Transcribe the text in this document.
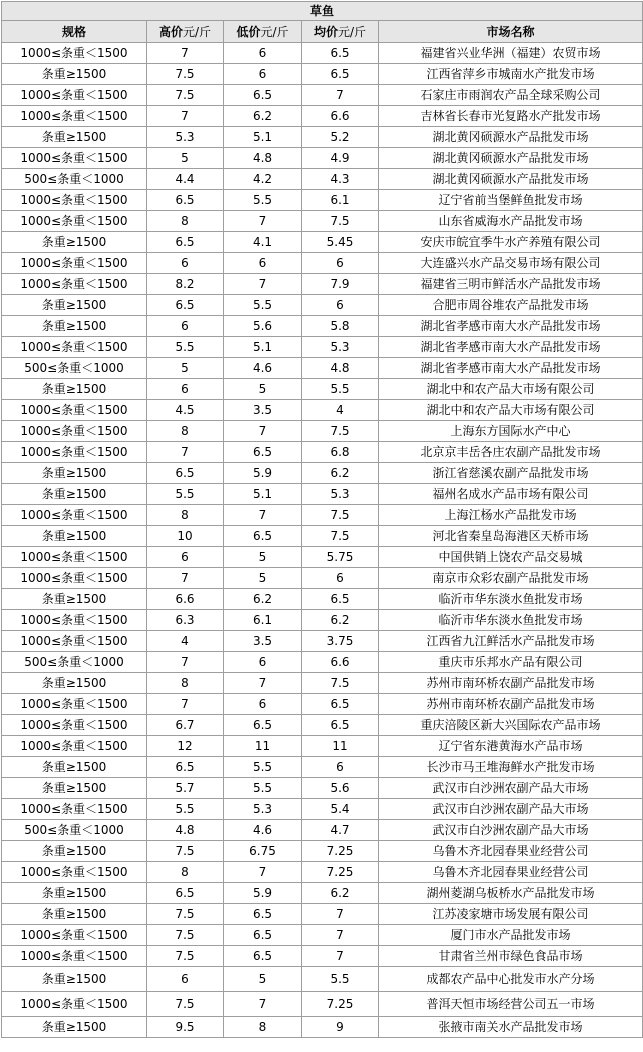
草鱼				
规格	高价元/斤	低价元/斤	均价元/斤	市场名称
1000≤条重＜1500	7	6	6.5	福建省兴业华洲（福建）农贸市场
条重≥1500	7.5	6	6.5	江西省萍乡市城南水产批发市场
1000≤条重＜1500	7.5	6.5	7	石家庄市雨润农产品全球采购公司
1000≤条重＜1500	7	6.2	6.6	吉林省长春市光复路水产批发市场
条重≥1500	5.3	5.1	5.2	湖北黄冈硕源水产品批发市场
1000≤条重＜1500	5	4.8	4.9	湖北黄冈硕源水产品批发市场
500≤条重＜1000	4.4	4.2	4.3	湖北黄冈硕源水产品批发市场
1000≤条重＜1500	6.5	5.5	6.1	辽宁省前当堡鲜鱼批发市场
1000≤条重＜1500	8	7	7.5	山东省威海水产品批发市场
条重≥1500	6.5	4.1	5.45	安庆市皖宜季牛水产养殖有限公司
1000≤条重＜1500	6	6	6	大连盛兴水产品交易市场有限公司
1000≤条重＜1500	8.2	7	7.9	福建省三明市鲜活水产品批发市场
条重≥1500	6.5	5.5	6	合肥市周谷堆农产品批发市场
条重≥1500	6	5.6	5.8	湖北省孝感市南大水产品批发市场
1000≤条重＜1500	5.5	5.1	5.3	湖北省孝感市南大水产品批发市场
500≤条重＜1000	5	4.6	4.8	湖北省孝感市南大水产品批发市场
条重≥1500	6	5	5.5	湖北中和农产品大市场有限公司
1000≤条重＜1500	4.5	3.5	4	湖北中和农产品大市场有限公司
1000≤条重＜1500	8	7	7.5	上海东方国际水产中心
1000≤条重＜1500	7	6.5	6.8	北京京丰岳各庄农副产品批发市场
条重≥1500	6.5	5.9	6.2	浙江省慈溪农副产品批发市场
条重≥1500	5.5	5.1	5.3	福州名成水产品市场有限公司
1000≤条重＜1500	8	7	7.5	上海江杨水产品批发市场
条重≥1500	10	6.5	7.5	河北省秦皇岛海港区天桥市场
1000≤条重＜1500	6	5	5.75	中国供销上饶农产品交易城
1000≤条重＜1500	7	5	6	南京市众彩农副产品批发市场
条重≥1500	6.6	6.2	6.5	临沂市华东淡水鱼批发市场
1000≤条重＜1500	6.3	6.1	6.2	临沂市华东淡水鱼批发市场
1000≤条重＜1500	4	3.5	3.75	江西省九江鲜活水产品批发市场
500≤条重＜1000	7	6	6.6	重庆市乐邦水产品有限公司
条重≥1500	8	7	7.5	苏州市南环桥农副产品批发市场
1000≤条重＜1500	7	6	6.5	苏州市南环桥农副产品批发市场
1000≤条重＜1500	6.7	6.5	6.5	重庆涪陵区新大兴国际农产品市场
1000≤条重＜1500	12	11	11	辽宁省东港黄海水产品市场
条重≥1500	6.5	5.5	6	长沙市马王堆海鲜水产批发市场
条重≥1500	5.7	5.5	5.6	武汉市白沙洲农副产品大市场
1000≤条重＜1500	5.5	5.3	5.4	武汉市白沙洲农副产品大市场
500≤条重＜1000	4.8	4.6	4.7	武汉市白沙洲农副产品大市场
条重≥1500	7.5	6.75	7.25	乌鲁木齐北园春果业经营公司
1000≤条重＜1500	8	7	7.25	乌鲁木齐北园春果业经营公司
条重≥1500	6.5	5.9	6.2	湖州菱湖乌板桥水产品批发市场
条重≥1500	7.5	6.5	7	江苏凌家塘市场发展有限公司
1000≤条重＜1500	7.5	6.5	7	厦门市水产品批发市场
1000≤条重＜1500	7.5	6.5	7	甘肃省兰州市绿色食品市场
条重≥1500	6	5	5.5	成都农产品中心批发市水产分场
1000≤条重＜1500	7.5	7	7.25	普洱天恒市场经营公司五一市场
条重≥1500	9.5	8	9	张掖市南关水产品批发市场
